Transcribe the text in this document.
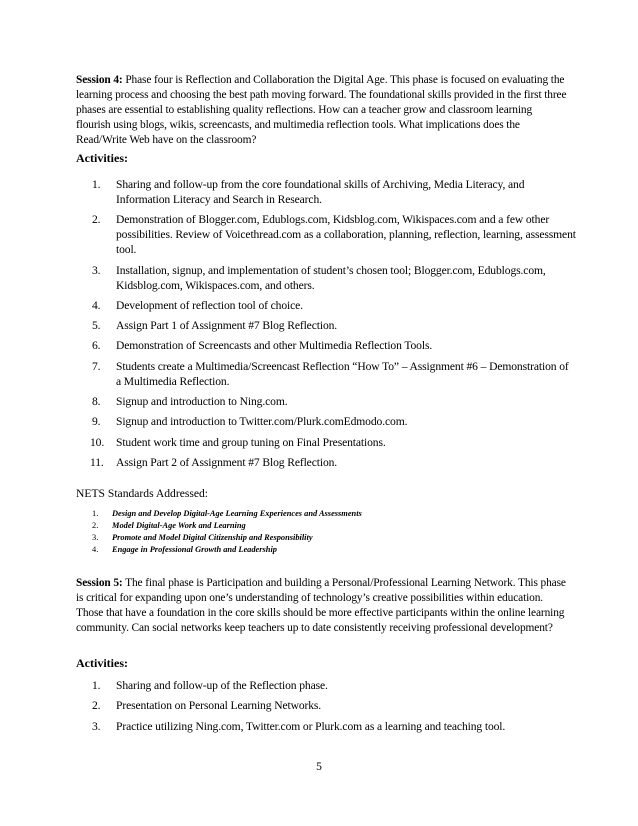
Session 4: Phase four is Reflection and Collaboration the Digital Age. This phase is focused on evaluating the learning process and choosing the best path moving forward. The foundational skills provided in the first three phases are essential to establishing quality reflections. How can a teacher grow and classroom learning flourish using blogs, wikis, screencasts, and multimedia reflection tools. What implications does the Read/Write Web have on the classroom?

Activities:
1. Sharing and follow-up from the core foundational skills of Archiving, Media Literacy, and Information Literacy and Search in Research.
2. Demonstration of Blogger.com, Edublogs.com, Kidsblog.com, Wikispaces.com and a few other possibilities. Review of Voicethread.com as a collaboration, planning, reflection, learning, assessment tool.
3. Installation, signup, and implementation of student’s chosen tool; Blogger.com, Edublogs.com, Kidsblog.com, Wikispaces.com, and others.
4. Development of reflection tool of choice.
5. Assign Part 1 of Assignment #7 Blog Reflection.
6. Demonstration of Screencasts and other Multimedia Reflection Tools.
7. Students create a Multimedia/Screencast Reflection “How To” – Assignment #6 – Demonstration of a Multimedia Reflection.
8. Signup and introduction to Ning.com.
9. Signup and introduction to Twitter.com/Plurk.comEdmodo.com.
10. Student work time and group tuning on Final Presentations.
11. Assign Part 2 of Assignment #7 Blog Reflection.
NETS Standards Addressed:
1. Design and Develop Digital-Age Learning Experiences and Assessments
2. Model Digital-Age Work and Learning
3. Promote and Model Digital Citizenship and Responsibility
4. Engage in Professional Growth and Leadership

Session 5: The final phase is Participation and building a Personal/Professional Learning Network. This phase is critical for expanding upon one’s understanding of technology’s creative possibilities within education. Those that have a foundation in the core skills should be more effective participants within the online learning community. Can social networks keep teachers up to date consistently receiving professional development?

Activities:
1. Sharing and follow-up of the Reflection phase.
2. Presentation on Personal Learning Networks.
3. Practice utilizing Ning.com, Twitter.com or Plurk.com as a learning and teaching tool.
5
